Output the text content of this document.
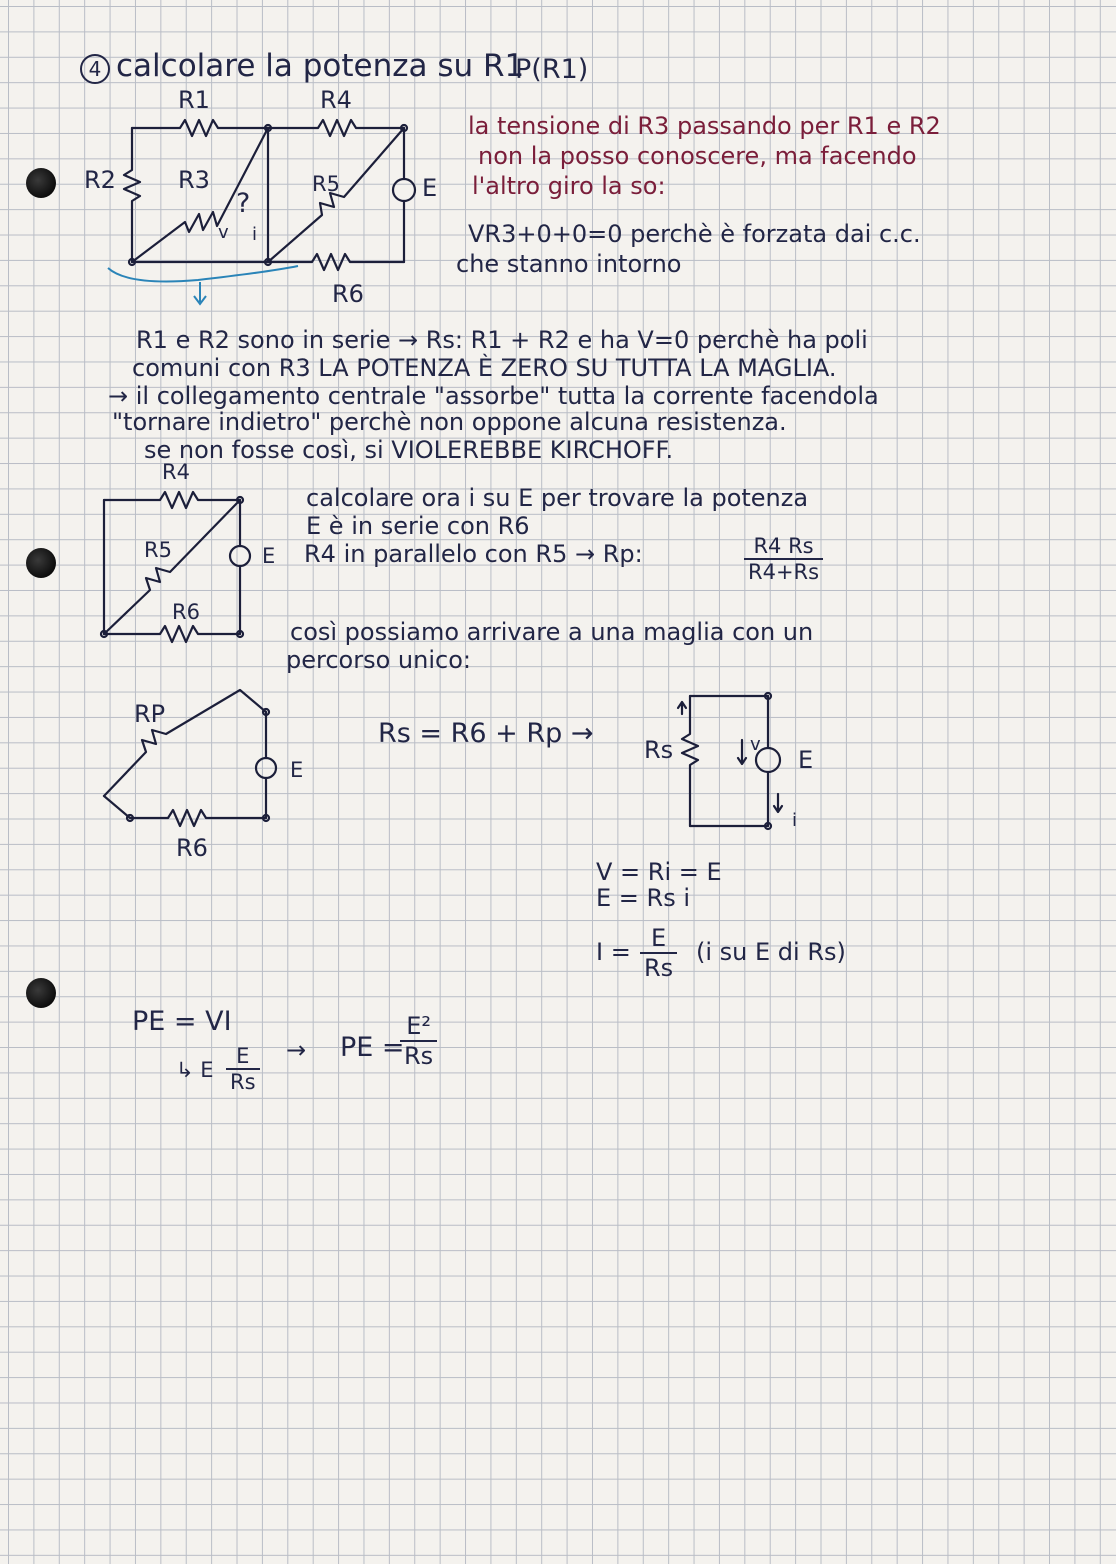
4 calcolare la potenza su R1
P(R1)
R1	R4
R2	R3	R5
R6
E
?
v i
la tensione di R3 passando per R1 e R2
non la posso conoscere, ma facendo
l'altro giro la so:
VR3+0+0=0 perchè è forzata dai c.c.
che stanno intorno
R1 e R2 sono in serie → Rs: R1 + R2 e ha V=0 perchè ha poli
comuni con R3 LA POTENZA È ZERO SU TUTTA LA MAGLIA.
→ il collegamento centrale "assorbe" tutta la corrente facendola
"tornare indietro" perchè non oppone alcuna resistenza.
se non fosse così, si VIOLEREBBE KIRCHOFF.
R4
R5
R6
E
calcolare ora i su E per trovare la potenza
E è in serie con R6
R4 in parallelo con R5 → Rp:	$\frac{R4 Rs}{R4+Rs}$
così possiamo arrivare a una maglia con un
percorso unico:
RP
R6
E
Rs = R6 + Rp →
Rs	E
v
i
V = Ri = E
E = Rs i
$I = \frac{E}{Rs} (i$ su E di Rs)
PE = VI
↳ E $\frac{E}{Rs}$ → PE =
$\frac{\text{E²}}{Rs}$
